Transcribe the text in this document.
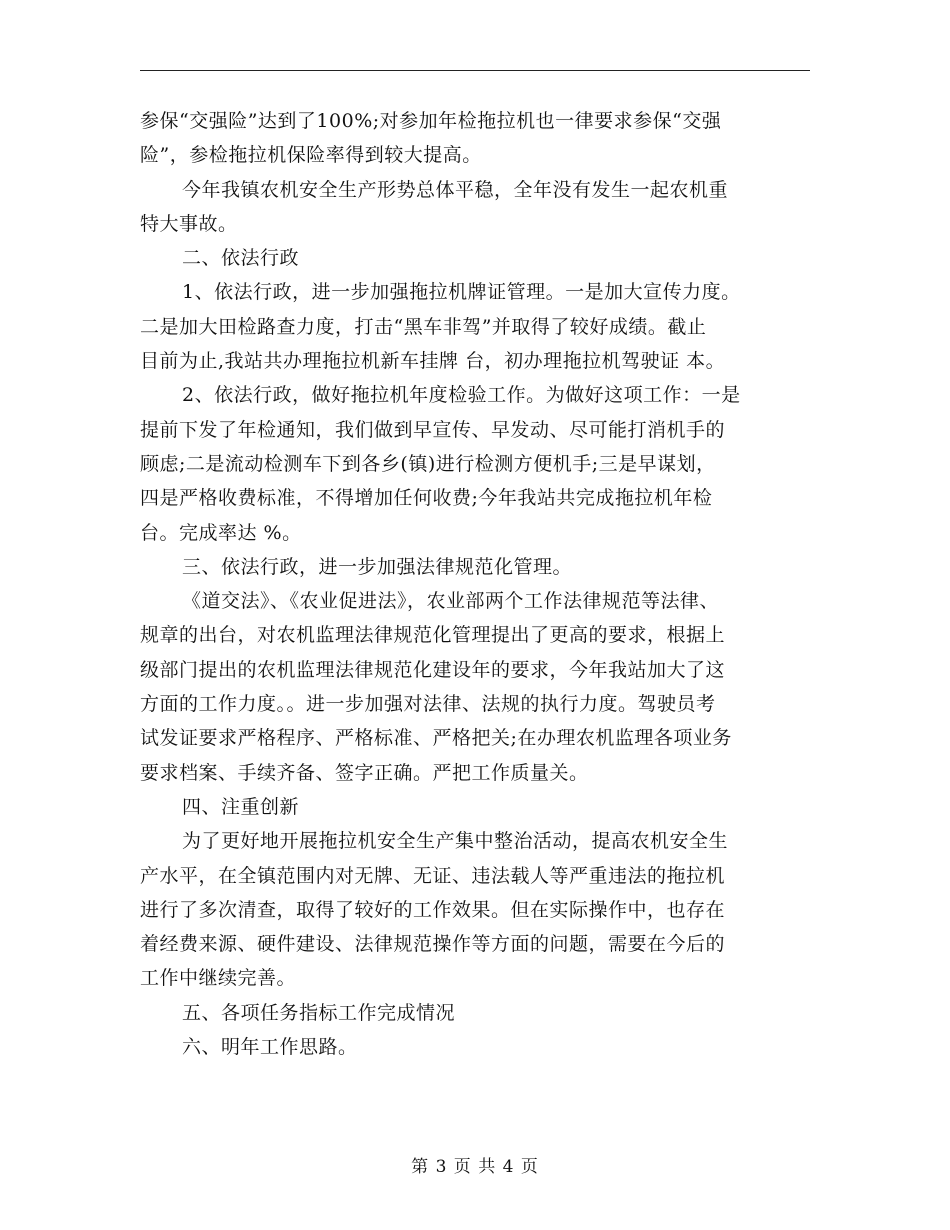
参保“交强险”达到了100%;对参加年检拖拉机也一律要求参保“交强
险”，参检拖拉机保险率得到较大提高。
今年我镇农机安全生产形势总体平稳，全年没有发生一起农机重
特大事故。
二、依法行政
1、依法行政，进一步加强拖拉机牌证管理。一是加大宣传力度。
二是加大田检路查力度，打击“黑车非驾”并取得了较好成绩。截止
目前为止,我站共办理拖拉机新车挂牌 台，初办理拖拉机驾驶证 本。
2、依法行政，做好拖拉机年度检验工作。为做好这项工作：一是
提前下发了年检通知，我们做到早宣传、早发动、尽可能打消机手的
顾虑;二是流动检测车下到各乡(镇)进行检测方便机手;三是早谋划，
四是严格收费标准，不得增加任何收费;今年我站共完成拖拉机年检
台。完成率达 %。
三、依法行政，进一步加强法律规范化管理。
《道交法》、《农业促进法》，农业部两个工作法律规范等法律、
规章的出台，对农机监理法律规范化管理提出了更高的要求，根据上
级部门提出的农机监理法律规范化建设年的要求，今年我站加大了这
方面的工作力度。。进一步加强对法律、法规的执行力度。驾驶员考
试发证要求严格程序、严格标准、严格把关;在办理农机监理各项业务
要求档案、手续齐备、签字正确。严把工作质量关。
四、注重创新
为了更好地开展拖拉机安全生产集中整治活动，提高农机安全生
产水平，在全镇范围内对无牌、无证、违法载人等严重违法的拖拉机
进行了多次清查，取得了较好的工作效果。但在实际操作中，也存在
着经费来源、硬件建设、法律规范操作等方面的问题，需要在今后的
工作中继续完善。
五、各项任务指标工作完成情况
六、明年工作思路。
第 3 页 共 4 页
